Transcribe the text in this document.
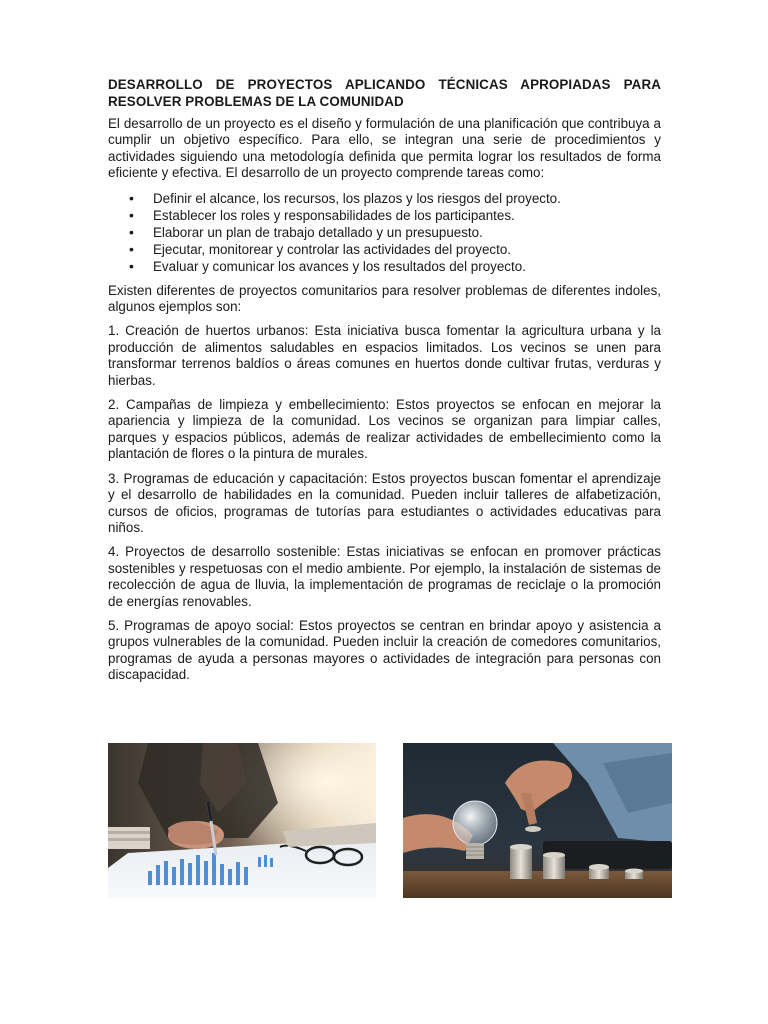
DESARROLLO DE PROYECTOS APLICANDO TÉCNICAS APROPIADAS PARA RESOLVER PROBLEMAS DE LA COMUNIDAD

El desarrollo de un proyecto es el diseño y formulación de una planificación que contribuya a cumplir un objetivo específico. Para ello, se integran una serie de procedimientos y actividades siguiendo una metodología definida que permita lograr los resultados de forma eficiente y efectiva. El desarrollo de un proyecto comprende tareas como:

• Definir el alcance, los recursos, los plazos y los riesgos del proyecto.
• Establecer los roles y responsabilidades de los participantes.
• Elaborar un plan de trabajo detallado y un presupuesto.
• Ejecutar, monitorear y controlar las actividades del proyecto.
• Evaluar y comunicar los avances y los resultados del proyecto.

Existen diferentes de proyectos comunitarios para resolver problemas de diferentes indoles, algunos ejemplos son:

1. Creación de huertos urbanos: Esta iniciativa busca fomentar la agricultura urbana y la producción de alimentos saludables en espacios limitados. Los vecinos se unen para transformar terrenos baldíos o áreas comunes en huertos donde cultivar frutas, verduras y hierbas.

2. Campañas de limpieza y embellecimiento: Estos proyectos se enfocan en mejorar la apariencia y limpieza de la comunidad. Los vecinos se organizan para limpiar calles, parques y espacios públicos, además de realizar actividades de embellecimiento como la plantación de flores o la pintura de murales.

3. Programas de educación y capacitación: Estos proyectos buscan fomentar el aprendizaje y el desarrollo de habilidades en la comunidad. Pueden incluir talleres de alfabetización, cursos de oficios, programas de tutorías para estudiantes o actividades educativas para niños.

4. Proyectos de desarrollo sostenible: Estas iniciativas se enfocan en promover prácticas sostenibles y respetuosas con el medio ambiente. Por ejemplo, la instalación de sistemas de recolección de agua de lluvia, la implementación de programas de reciclaje o la promoción de energías renovables.

5. Programas de apoyo social: Estos proyectos se centran en brindar apoyo y asistencia a grupos vulnerables de la comunidad. Pueden incluir la creación de comedores comunitarios, programas de ayuda a personas mayores o actividades de integración para personas con discapacidad.
